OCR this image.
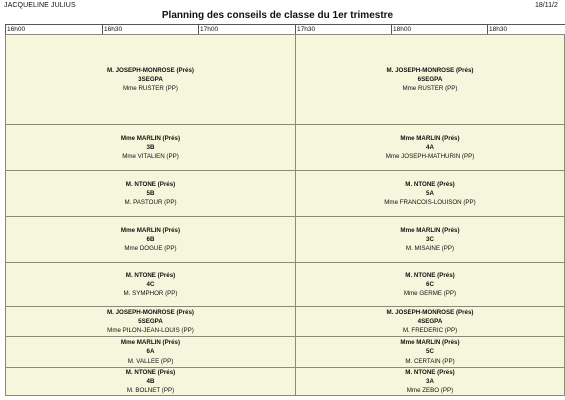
JACQUELINE JULIUS	18/11/2
Planning des conseils de classe du 1er trimestre
16h00	16h30	17h00	17h30	18h00	18h30
M. JOSEPH-MONROSE (Prés)
3SEGPA
Mme RUSTER (PP)
M. JOSEPH-MONROSE (Prés)
6SEGPA
Mme RUSTER (PP)
Mme MARLIN (Prés)
3B
Mme VITALIEN (PP)
Mme MARLIN (Prés)
4A
Mme JOSEPH-MATHURIN (PP)
M. NTONE (Prés)
5B
M. PASTOUR (PP)
M. NTONE (Prés)
5A
Mme FRANCOIS-LOUISON (PP)
Mme MARLIN (Prés)
6B
Mme DOGUE (PP)
Mme MARLIN (Prés)
3C
M. MISAINE (PP)
M. NTONE (Prés)
4C
M. SYMPHOR (PP)
M. NTONE (Prés)
6C
Mme GERME (PP)
M. JOSEPH-MONROSE (Prés)
5SEGPA
Mme PILON-JEAN-LOUIS (PP)
M. JOSEPH-MONROSE (Prés)
4SEGPA
M. FREDERIC (PP)
Mme MARLIN (Prés)
6A
M. VALLEE (PP)
Mme MARLIN (Prés)
5C
M. CERTAIN (PP)
M. NTONE (Prés)
4B
M. BOLNET (PP)
M. NTONE (Prés)
3A
Mme ZEBO (PP)
